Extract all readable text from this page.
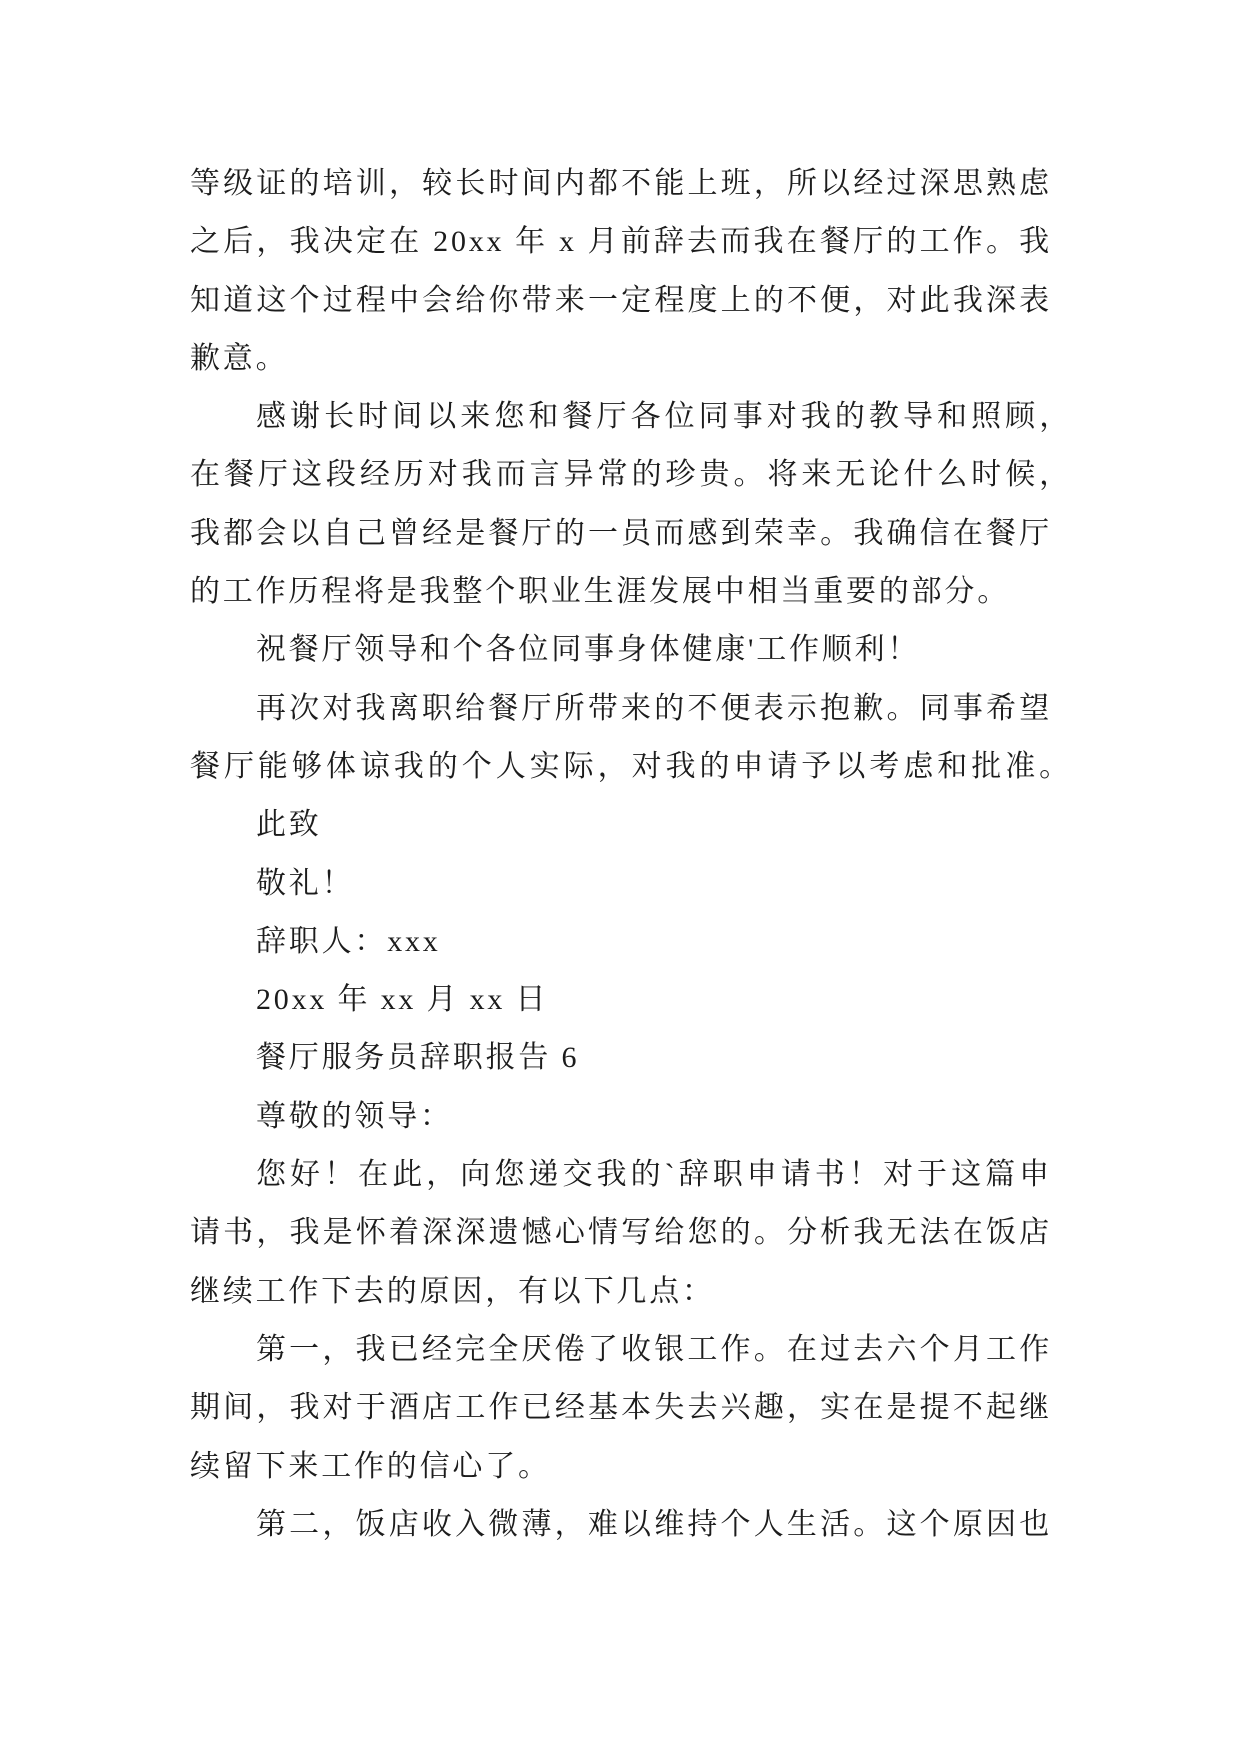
等级证的培训，较长时间内都不能上班，所以经过深思熟虑
之后，我决定在 20xx 年 x 月前辞去而我在餐厅的工作。我
知道这个过程中会给你带来一定程度上的不便，对此我深表
歉意。
感谢长时间以来您和餐厅各位同事对我的教导和照顾，
在餐厅这段经历对我而言异常的珍贵。将来无论什么时候，
我都会以自己曾经是餐厅的一员而感到荣幸。我确信在餐厅
的工作历程将是我整个职业生涯发展中相当重要的部分。
祝餐厅领导和个各位同事身体健康'工作顺利！
再次对我离职给餐厅所带来的不便表示抱歉。同事希望
餐厅能够体谅我的个人实际，对我的申请予以考虑和批准。
此致
敬礼！
辞职人：xxx
20xx 年 xx 月 xx 日
餐厅服务员辞职报告 6
尊敬的领导：
您好！在此，向您递交我的`辞职申请书！对于这篇申
请书，我是怀着深深遗憾心情写给您的。分析我无法在饭店
继续工作下去的原因，有以下几点：
第一，我已经完全厌倦了收银工作。在过去六个月工作
期间，我对于酒店工作已经基本失去兴趣，实在是提不起继
续留下来工作的信心了。
第二，饭店收入微薄，难以维持个人生活。这个原因也
